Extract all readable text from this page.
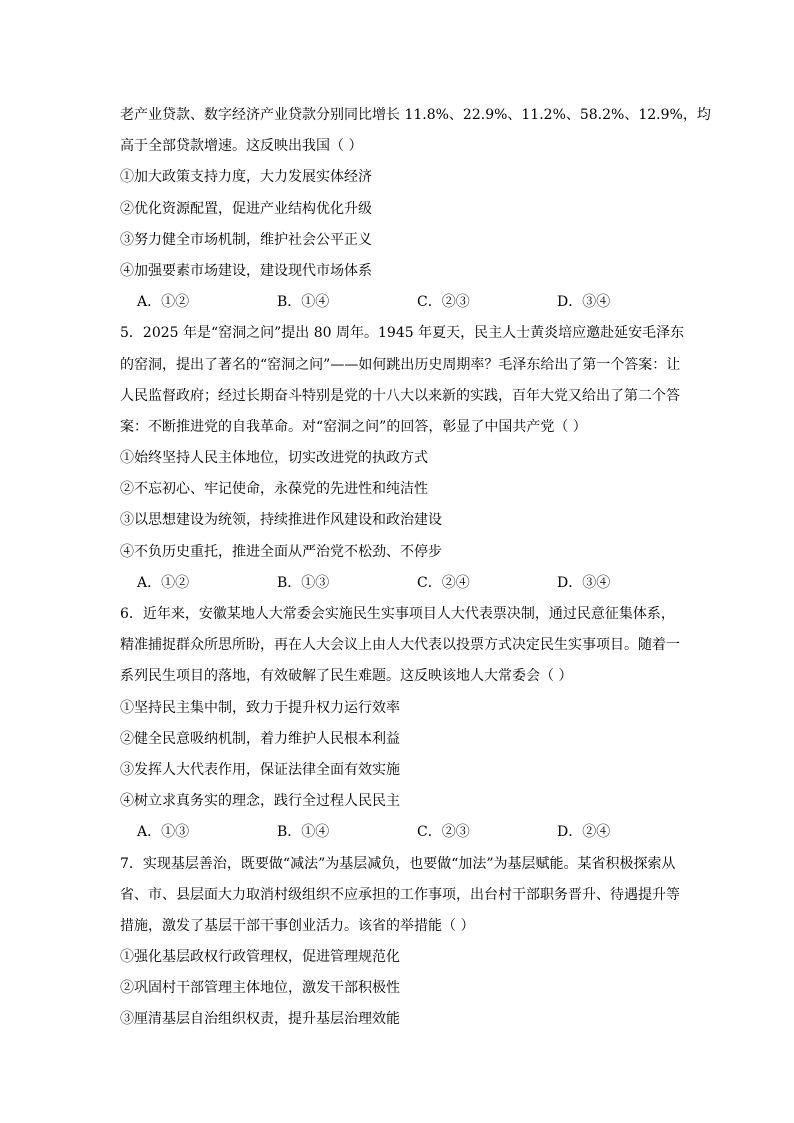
老产业贷款、数字经济产业贷款分别同比增长 11.8%、22.9%、11.2%、58.2%、12.9%，均
高于全部贷款增速。这反映出我国（ ）
①加大政策支持力度，大力发展实体经济
②优化资源配置，促进产业结构优化升级
③努力健全市场机制，维护社会公平正义
④加强要素市场建设，建设现代市场体系
A．①②	B．①④	C．②③	D．③④
5．2025 年是“窑洞之问”提出 80 周年。1945 年夏天，民主人士黄炎培应邀赴延安毛泽东
的窑洞，提出了著名的“窑洞之问”——如何跳出历史周期率？毛泽东给出了第一个答案：让
人民监督政府；经过长期奋斗特别是党的十八大以来新的实践，百年大党又给出了第二个答
案：不断推进党的自我革命。对“窑洞之问”的回答，彰显了中国共产党（ ）
①始终坚持人民主体地位，切实改进党的执政方式
②不忘初心、牢记使命，永葆党的先进性和纯洁性
③以思想建设为统领，持续推进作风建设和政治建设
④不负历史重托，推进全面从严治党不松劲、不停步
A．①②	B．①③	C．②④	D．③④
6．近年来，安徽某地人大常委会实施民生实事项目人大代表票决制，通过民意征集体系，
精准捕捉群众所思所盼，再在人大会议上由人大代表以投票方式决定民生实事项目。随着一
系列民生项目的落地，有效破解了民生难题。这反映该地人大常委会（ ）
①坚持民主集中制，致力于提升权力运行效率
②健全民意吸纳机制，着力维护人民根本利益
③发挥人大代表作用，保证法律全面有效实施
④树立求真务实的理念，践行全过程人民民主
A．①③	B．①④	C．②③	D．②④
7．实现基层善治，既要做“减法”为基层减负，也要做“加法”为基层赋能。某省积极探索从
省、市、县层面大力取消村级组织不应承担的工作事项，出台村干部职务晋升、待遇提升等
措施，激发了基层干部干事创业活力。该省的举措能（ ）
①强化基层政权行政管理权，促进管理规范化
②巩固村干部管理主体地位，激发干部积极性
③厘清基层自治组织权责，提升基层治理效能
